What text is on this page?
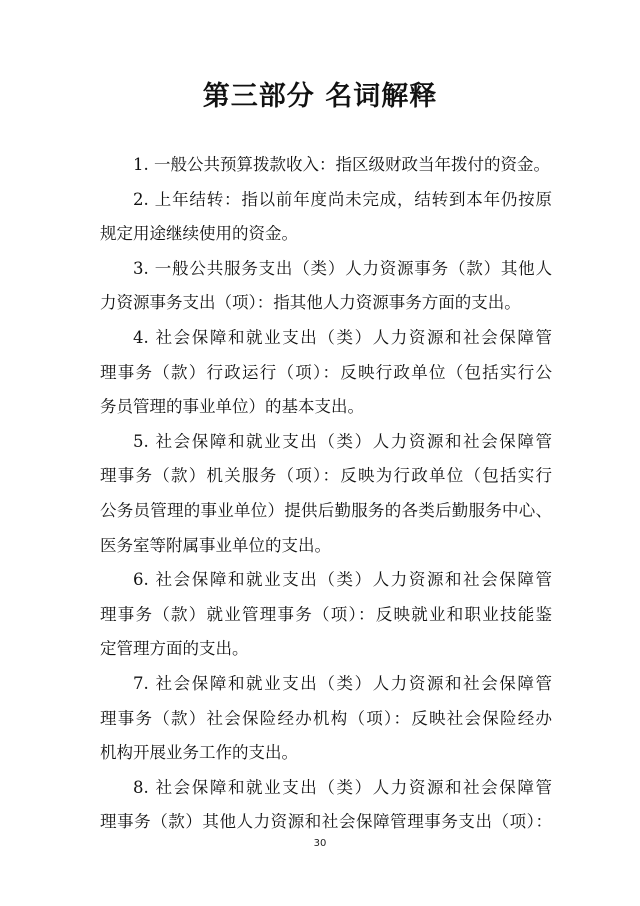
第三部分 名词解释

1. 一般公共预算拨款收入：指区级财政当年拨付的资金。

2. 上年结转：指以前年度尚未完成，结转到本年仍按原
规定用途继续使用的资金。

3. 一般公共服务支出（类）人力资源事务（款）其他人
力资源事务支出（项）：指其他人力资源事务方面的支出。

4. 社会保障和就业支出（类）人力资源和社会保障管
理事务（款）行政运行（项）：反映行政单位（包括实行公
务员管理的事业单位）的基本支出。

5. 社会保障和就业支出（类）人力资源和社会保障管
理事务（款）机关服务（项）：反映为行政单位（包括实行
公务员管理的事业单位）提供后勤服务的各类后勤服务中心、
医务室等附属事业单位的支出。

6. 社会保障和就业支出（类）人力资源和社会保障管
理事务（款）就业管理事务（项）：反映就业和职业技能鉴
定管理方面的支出。

7. 社会保障和就业支出（类）人力资源和社会保障管
理事务（款）社会保险经办机构（项）：反映社会保险经办
机构开展业务工作的支出。

8. 社会保障和就业支出（类）人力资源和社会保障管
理事务（款）其他人力资源和社会保障管理事务支出（项）：

30
